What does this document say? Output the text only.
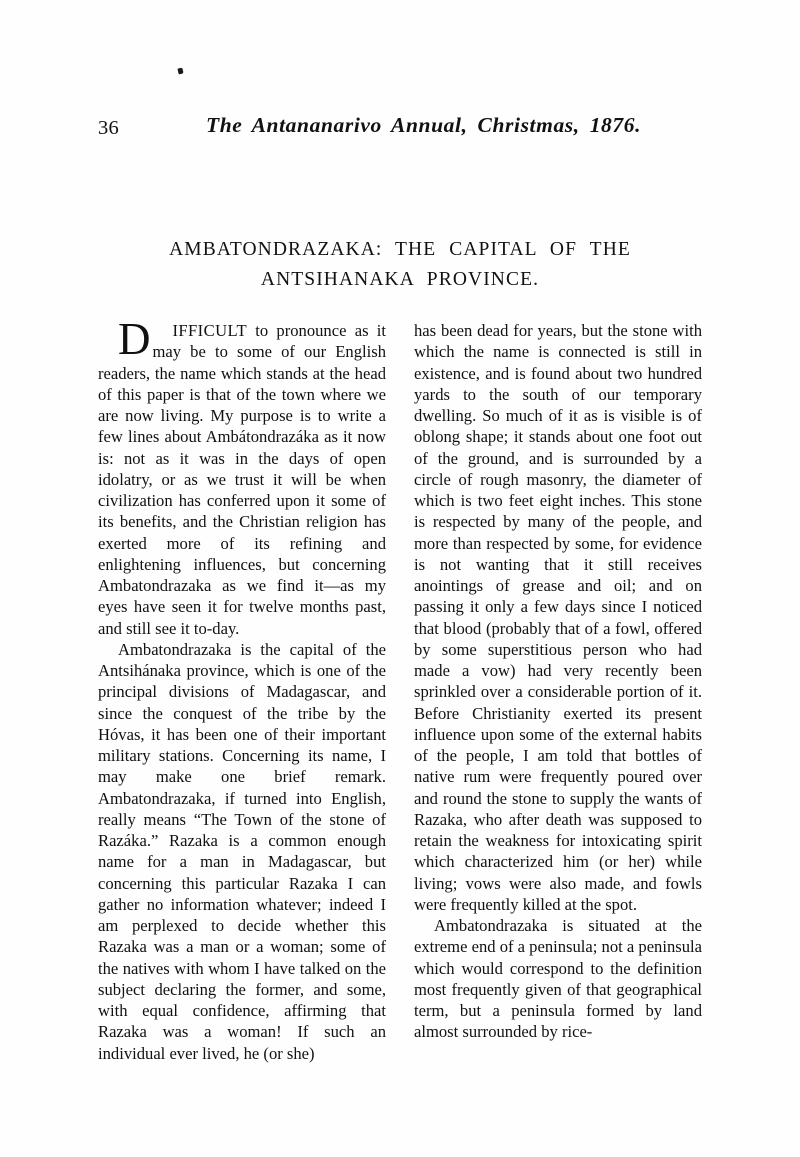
36	The Antananarivo Annual, Christmas, 1876.
AMBATONDRAZAKA: THE CAPITAL OF THE
ANTSIHANAKA PROVINCE.

D IFFICULT to pronounce as it may be to some of our English readers, the name which stands at the head of this paper is that of the town where we are now living. My purpose is to write a few lines about Ambátondrazáka as it now is: not as it was in the days of open idolatry, or as we trust it will be when civilization has conferred upon it some of its benefits, and the Christian religion has exerted more of its refining and enlightening influences, but concerning Ambatondrazaka as we find it—as my eyes have seen it for twelve months past, and still see it to-day.

Ambatondrazaka is the capital of the Antsihánaka province, which is one of the principal divisions of Madagascar, and since the conquest of the tribe by the Hóvas, it has been one of their important military stations. Concerning its name, I may make one brief remark. Ambatondrazaka, if turned into English, really means “The Town of the stone of Razáka.” Razaka is a common enough name for a man in Madagascar, but concerning this particular Razaka I can gather no information whatever; indeed I am perplexed to decide whether this Razaka was a man or a woman; some of the natives with whom I have talked on the subject declaring the former, and some, with equal confidence, affirming that Razaka was a woman! If such an individual ever lived, he (or she)

has been dead for years, but the stone with which the name is connected is still in existence, and is found about two hundred yards to the south of our temporary dwelling. So much of it as is visible is of oblong shape; it stands about one foot out of the ground, and is surrounded by a circle of rough masonry, the diameter of which is two feet eight inches. This stone is respected by many of the people, and more than respected by some, for evidence is not wanting that it still receives anointings of grease and oil; and on passing it only a few days since I noticed that blood (probably that of a fowl, offered by some superstitious person who had made a vow) had very recently been sprinkled over a considerable portion of it. Before Christianity exerted its present influence upon some of the external habits of the people, I am told that bottles of native rum were frequently poured over and round the stone to supply the wants of Razaka, who after death was supposed to retain the weakness for intoxicating spirit which characterized him (or her) while living; vows were also made, and fowls were frequently killed at the spot.

Ambatondrazaka is situated at the extreme end of a peninsula; not a peninsula which would correspond to the definition most frequently given of that geographical term, but a peninsula formed by land almost surrounded by rice-
